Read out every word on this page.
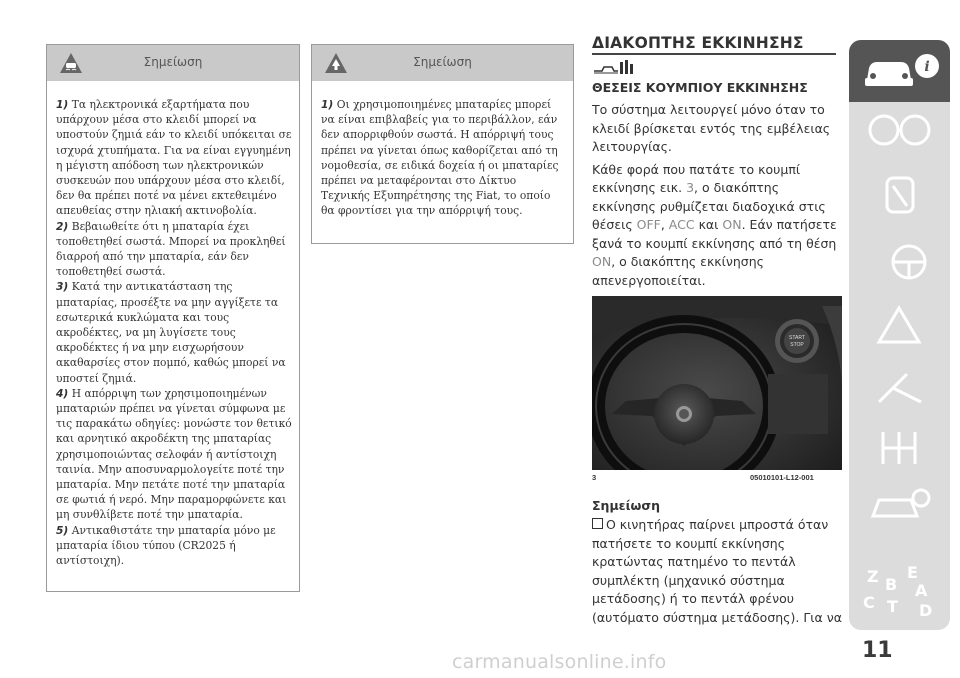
Σημείωση

1) Τα ηλεκτρονικά εξαρτήματα που υπάρχουν μέσα στο κλειδί μπορεί να υποστούν ζημιά εάν το κλειδί υπόκειται σε ισχυρά χτυπήματα. Για να είναι εγγυημένη η μέγιστη απόδοση των ηλεκτρονικών συσκευών που υπάρχουν μέσα στο κλειδί, δεν θα πρέπει ποτέ να μένει εκτεθειμένο απευθείας στην ηλιακή ακτινοβολία.

2) Βεβαιωθείτε ότι η μπαταρία έχει τοποθετηθεί σωστά. Μπορεί να προκληθεί διαρροή από την μπαταρία, εάν δεν τοποθετηθεί σωστά.

3) Κατά την αντικατάσταση της μπαταρίας, προσέξτε να μην αγγίξετε τα εσωτερικά κυκλώματα και τους ακροδέκτες, να μη λυγίσετε τους ακροδέκτες ή να μην εισχωρήσουν ακαθαρσίες στον πομπό, καθώς μπορεί να υποστεί ζημιά.

4) Η απόρριψη των χρησιμοποιημένων μπαταριών πρέπει να γίνεται σύμφωνα με τις παρακάτω οδηγίες: μονώστε τον θετικό και αρνητικό ακροδέκτη της μπαταρίας χρησιμοποιώντας σελοφάν ή αντίστοιχη ταινία. Μην αποσυναρμολογείτε ποτέ την μπαταρία. Μην πετάτε ποτέ την μπαταρία σε φωτιά ή νερό. Μην παραμορφώνετε και μη συνθλίβετε ποτέ την μπαταρία.

5) Αντικαθιστάτε την μπαταρία μόνο με μπαταρία ίδιου τύπου (CR2025 ή αντίστοιχη).

Σημείωση

1) Οι χρησιμοποιημένες μπαταρίες μπορεί να είναι επιβλαβείς για το περιβάλλον, εάν δεν απορριφθούν σωστά. Η απόρριψή τους πρέπει να γίνεται όπως καθορίζεται από τη νομοθεσία, σε ειδικά δοχεία ή οι μπαταρίες πρέπει να μεταφέρονται στο Δίκτυο Τεχνικής Εξυπηρέτησης της Fiat, το οποίο θα φροντίσει για την απόρριψή τους.

ΔΙΑΚΟΠΤΗΣ ΕΚΚΙΝΗΣΗΣ
ΘΕΣΕΙΣ ΚΟΥΜΠΙΟΥ ΕΚΚΙΝΗΣΗΣ

Το σύστημα λειτουργεί μόνο όταν το κλειδί βρίσκεται εντός της εμβέλειας λειτουργίας.

Κάθε φορά που πατάτε το κουμπί εκκίνησης εικ. 3, ο διακόπτης εκκίνησης ρυθμίζεται διαδοχικά στις θέσεις OFF, ACC και ON. Εάν πατήσετε ξανά το κουμπί εκκίνησης από τη θέση ON, ο διακόπτης εκκίνησης απενεργοποιείται.

START
STOP
3	05010101-L12-001
Σημείωση

Ο κινητήρας παίρνει μπροστά όταν πατήσετε το κουμπί εκκίνησης κρατώντας πατημένο το πεντάλ συμπλέκτη (μηχανικό σύστημα μετάδοσης) ή το πεντάλ φρένου (αυτόματο σύστημα μετάδοσης). Για να

i
Z E
B A
C T D
11
carmanualsonline.info
